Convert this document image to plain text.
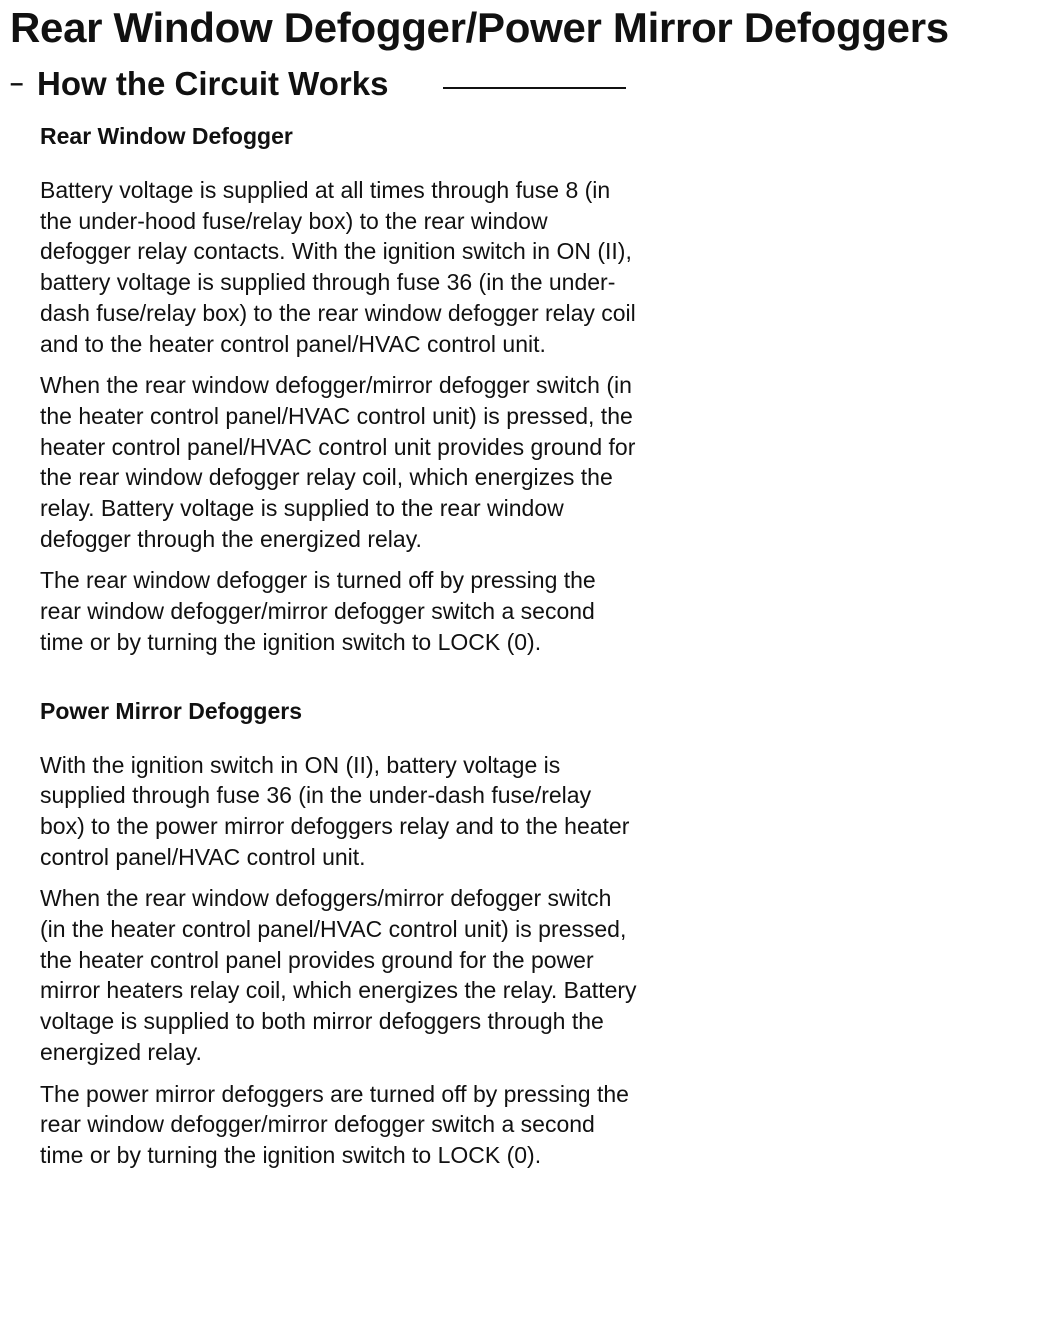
Rear Window Defogger/Power Mirror Defoggers
– How the Circuit Works
Rear Window Defogger

Battery voltage is supplied at all times through fuse 8 (in the under-hood fuse/relay box) to the rear window defogger relay contacts. With the ignition switch in ON (II), battery voltage is supplied through fuse 36 (in the under-dash fuse/relay box) to the rear window defogger relay coil and to the heater control panel/HVAC control unit.

When the rear window defogger/mirror defogger switch (in the heater control panel/HVAC control unit) is pressed, the heater control panel/HVAC control unit provides ground for the rear window defogger relay coil, which energizes the relay. Battery voltage is supplied to the rear window defogger through the energized relay.

The rear window defogger is turned off by pressing the rear window defogger/mirror defogger switch a second time or by turning the ignition switch to LOCK (0).

Power Mirror Defoggers

With the ignition switch in ON (II), battery voltage is supplied through fuse 36 (in the under-dash fuse/relay box) to the power mirror defoggers relay and to the heater control panel/HVAC control unit.

When the rear window defoggers/mirror defogger switch (in the heater control panel/HVAC control unit) is pressed, the heater control panel provides ground for the power mirror heaters relay coil, which energizes the relay. Battery voltage is supplied to both mirror defoggers through the energized relay.

The power mirror defoggers are turned off by pressing the rear window defogger/mirror defogger switch a second time or by turning the ignition switch to LOCK (0).
